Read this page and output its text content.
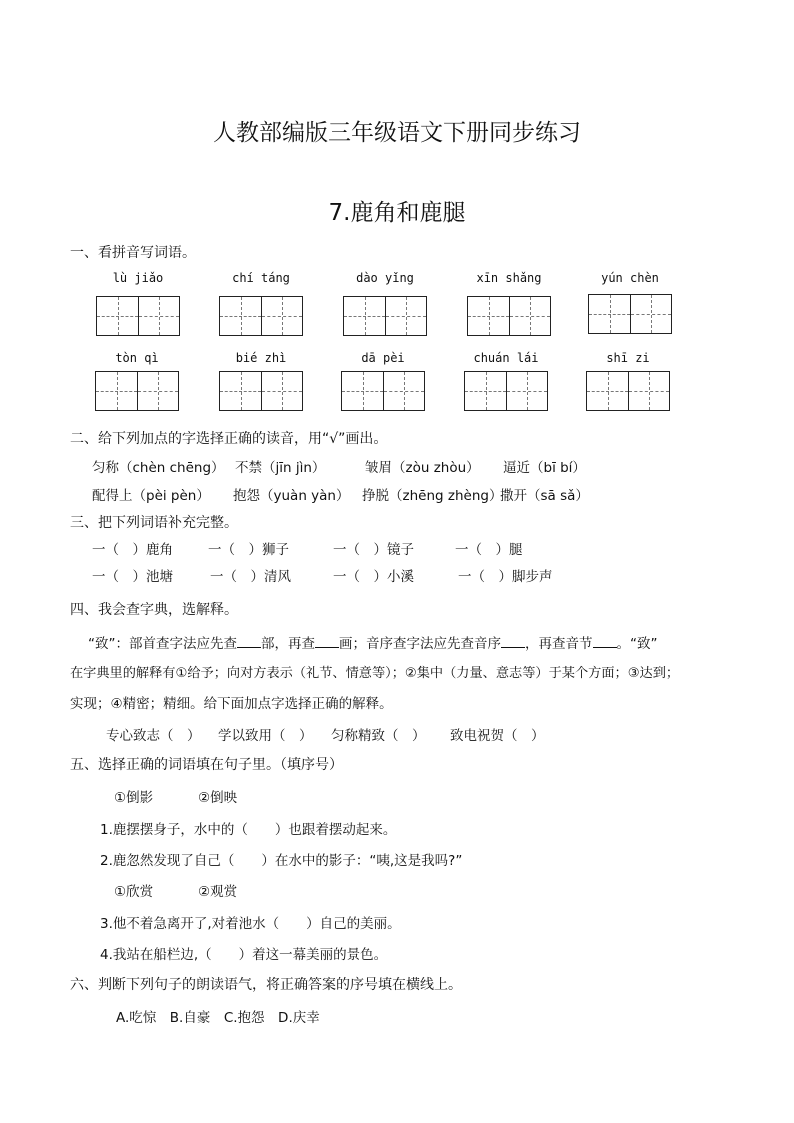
人教部编版三年级语文下册同步练习
7.鹿角和鹿腿
一、看拼音写词语。
lù jiǎo	chí táng	dào yǐng	xīn shǎng	yún chèn
tòn qì	bié zhì	dā pèi	chuán lái	shī zi
二、给下列加点的字选择正确的读音，用“√”画出。
匀称（chèn chēng） 不禁（jīn jìn）	皱眉（zòu zhòu） 逼近（bī bí）
配得上（pèi pèn） 抱怨（yuàn yàn） 挣脱（zhēng zhèng）
撒开（sā sǎ）
三、把下列词语补充完整。
一（　）鹿角	一（　）狮子	一（　）镜子	一（　）腿
一（　）池塘	一（　）清风	一（　）小溪	一（　）脚步声
四、我会查字典，选解释。
“致”：部首查字法应先查 部，再查 画；音序查字法应先查音序 ，再查音节 。“致”
在字典里的解释有①给予；向对方表示（礼节、情意等）；②集中（力量、意志等）于某个方面；③达到；
实现；④精密；精细。给下面加点字选择正确的解释。
专心致志（　） 学以致用（　） 匀称精致（　） 致电祝贺（　）
五、选择正确的词语填在句子里。（填序号）
①倒影	②倒映
1.鹿摆摆身子，水中的（　　）也跟着摆动起来。
2.鹿忽然发现了自己（　　）在水中的影子：“咦,这是我吗?”
①欣赏	②观赏
3.他不着急离开了,对着池水（　　）自己的美丽。
4.我站在船栏边,（　　）着这一幕美丽的景色。
六、判断下列句子的朗读语气，将正确答案的序号填在横线上。
A.吃惊　B.自豪　C.抱怨　D.庆幸
